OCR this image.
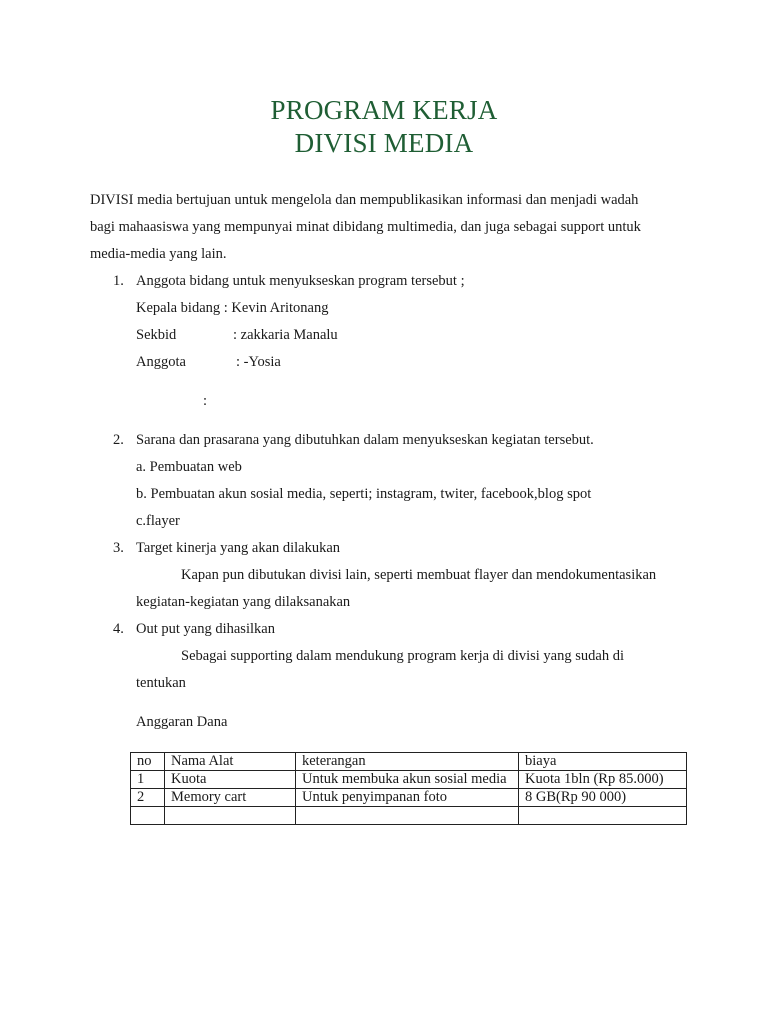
PROGRAM KERJA
DIVISI MEDIA
DIVISI media bertujuan untuk mengelola dan mempublikasikan informasi dan menjadi wadah
bagi mahaasiswa yang mempunyai minat dibidang multimedia, dan juga sebagai support untuk
media-media yang lain.
1. Anggota bidang untuk menyukseskan program tersebut ;
Kepala bidang : Kevin Aritonang
Sekbid	: zakkaria Manalu
Anggota	: -Yosia
:
2. Sarana dan prasarana yang dibutuhkan dalam menyukseskan kegiatan tersebut.
a. Pembuatan web
b. Pembuatan akun sosial media, seperti; instagram, twiter, facebook,blog spot
c.flayer
3. Target kinerja yang akan dilakukan
Kapan pun dibutukan divisi lain, seperti membuat flayer dan mendokumentasikan
kegiatan-kegiatan yang dilaksanakan
4. Out put yang dihasilkan
Sebagai supporting dalam mendukung program kerja di divisi yang sudah di
tentukan
Anggaran Dana
no	Nama Alat	keterangan	biaya
1	Kuota	Untuk membuka akun sosial media	Kuota 1bln (Rp 85.000)
2	Memory cart	Untuk penyimpanan foto	8 GB(Rp 90 000)
